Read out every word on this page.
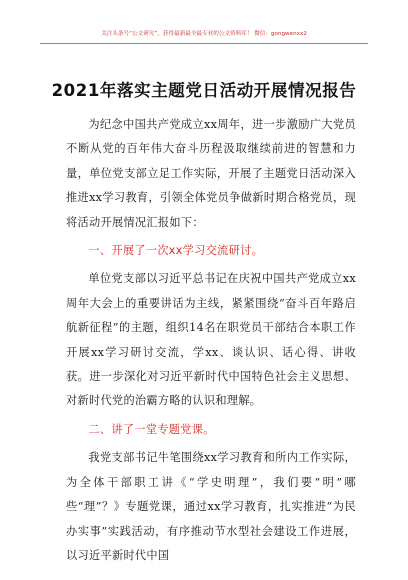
关注头条号“公文研究”，获得最新最全最专业的公文资料库！ 微信：gongwenxx2
2021年落实主题党日活动开展情况报告

为纪念中国共产党成立xx周年，进一步激励广大党员不断从党的百年伟大奋斗历程汲取继续前进的智慧和力量，单位党支部立足工作实际，开展了主题党日活动深入推进xx学习教育，引领全体党员争做新时期合格党员，现将活动开展情况汇报如下：

一、开展了一次xx学习交流研讨。

单位党支部以习近平总书记在庆祝中国共产党成立xx周年大会上的重要讲话为主线，紧紧围绕“奋斗百年路启航新征程”的主题，组织14名在职党员干部结合本职工作开展xx学习研讨交流，学xx、谈认识、话心得、讲收获。进一步深化对习近平新时代中国特色社会主义思想、对新时代党的治霸方略的认识和理解。

二、讲了一堂专题党课。

我党支部书记牛笔围绕xx学习教育和所内工作实际，为全体干部职工讲《“学史明理”，我们要“明”哪些“理”？》专题党课，通过xx学习教育，扎实推进“为民办实事”实践活动，有序推动节水型社会建设工作进展，以习近平新时代中国
